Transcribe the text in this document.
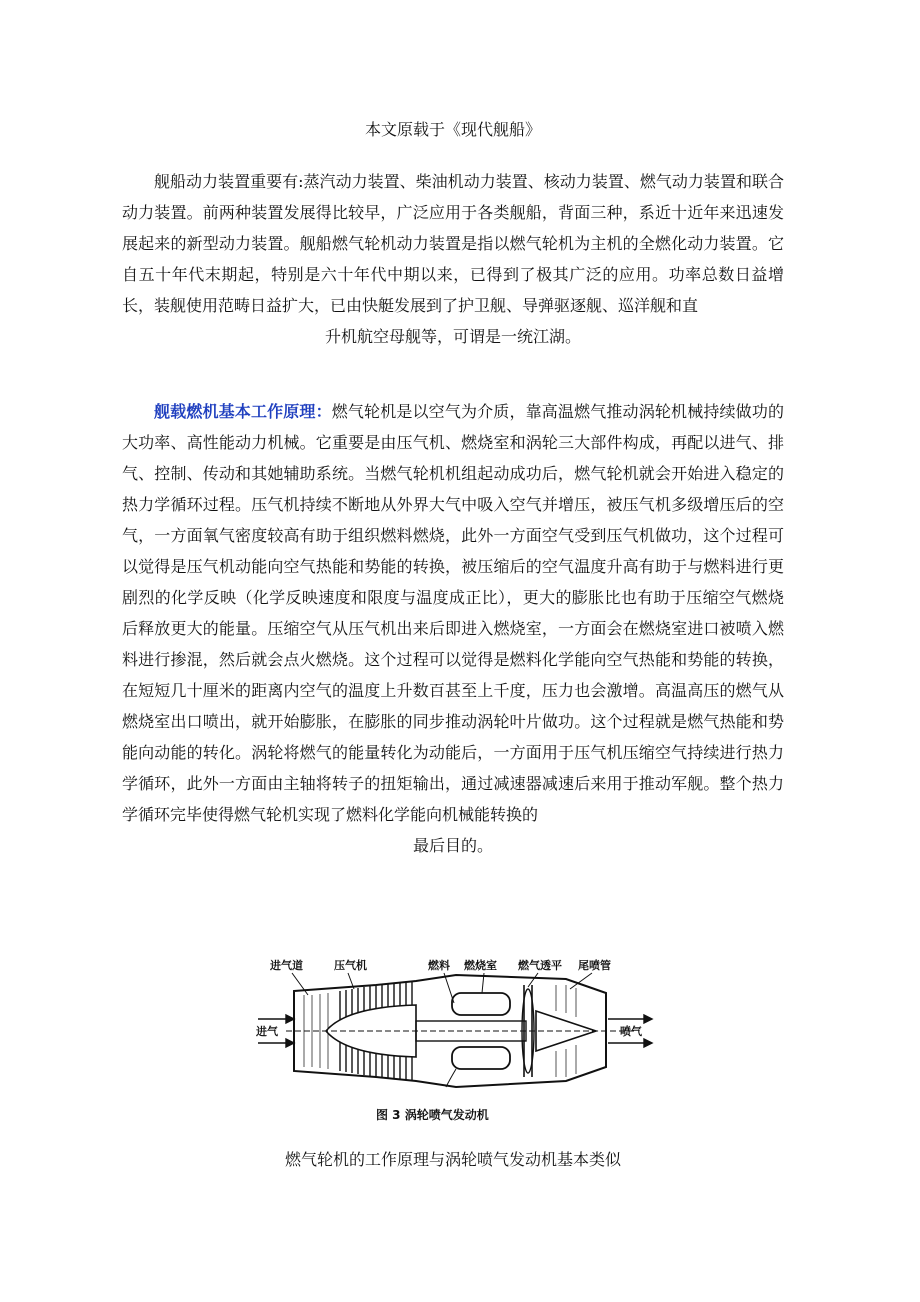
本文原载于《现代舰船》

舰船动力装置重要有:蒸汽动力装置、柴油机动力装置、核动力装置、燃气动力装置和联合动力装置。前两种装置发展得比较早，广泛应用于各类舰船，背面三种，系近十近年来迅速发展起来的新型动力装置。舰船燃气轮机动力装置是指以燃气轮机为主机的全燃化动力装置。它自五十年代末期起，特别是六十年代中期以来，已得到了极其广泛的应用。功率总数日益增长，装舰使用范畴日益扩大，已由快艇发展到了护卫舰、导弹驱逐舰、巡洋舰和直
升机航空母舰等，可谓是一统江湖。

舰载燃机基本工作原理：燃气轮机是以空气为介质，靠高温燃气推动涡轮机械持续做功的大功率、高性能动力机械。它重要是由压气机、燃烧室和涡轮三大部件构成，再配以进气、排气、控制、传动和其她辅助系统。当燃气轮机机组起动成功后，燃气轮机就会开始进入稳定的热力学循环过程。压气机持续不断地从外界大气中吸入空气并增压，被压气机多级增压后的空气，一方面氧气密度较高有助于组织燃料燃烧，此外一方面空气受到压气机做功，这个过程可以觉得是压气机动能向空气热能和势能的转换，被压缩后的空气温度升高有助于与燃料进行更剧烈的化学反映（化学反映速度和限度与温度成正比），更大的膨胀比也有助于压缩空气燃烧后释放更大的能量。压缩空气从压气机出来后即进入燃烧室，一方面会在燃烧室进口被喷入燃料进行掺混，然后就会点火燃烧。这个过程可以觉得是燃料化学能向空气热能和势能的转换，在短短几十厘米的距离内空气的温度上升数百甚至上千度，压力也会激增。高温高压的燃气从燃烧室出口喷出，就开始膨胀，在膨胀的同步推动涡轮叶片做功。这个过程就是燃气热能和势能向动能的转化。涡轮将燃气的能量转化为动能后，一方面用于压气机压缩空气持续进行热力学循环，此外一方面由主轴将转子的扭矩输出，通过减速器减速后来用于推动军舰。整个热力学循环完毕使得燃气轮机实现了燃料化学能向机械能转换的
最后目的。

进气道	压气机	燃料 燃烧室 燃气透平 尾喷管
进气	喷气
图 3 涡轮喷气发动机
燃气轮机的工作原理与涡轮喷气发动机基本类似
